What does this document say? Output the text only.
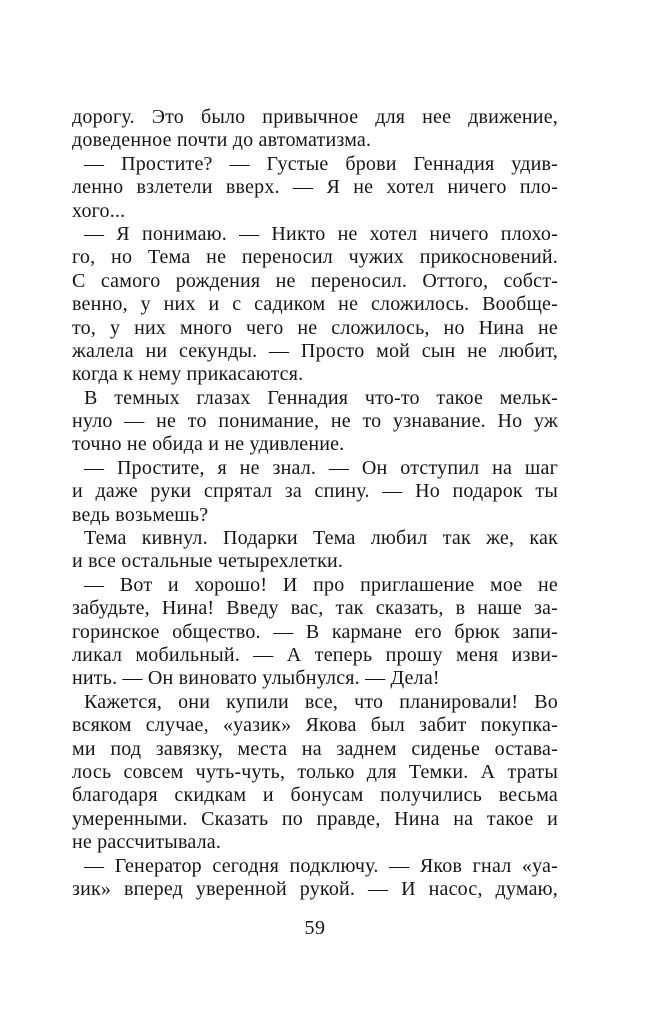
дорогу. Это было привычное для нее движение,
доведенное почти до автоматизма.
— Простите? — Густые брови Геннадия удив-
ленно взлетели вверх. — Я не хотел ничего пло-
хого...
— Я понимаю. — Никто не хотел ничего плохо-
го, но Тема не переносил чужих прикосновений.
С самого рождения не переносил. Оттого, собст-
венно, у них и с садиком не сложилось. Вообще-
то, у них много чего не сложилось, но Нина не
жалела ни секунды. — Просто мой сын не любит,
когда к нему прикасаются.
В темных глазах Геннадия что-то такое мельк-
нуло — не то понимание, не то узнавание. Но уж
точно не обида и не удивление.
— Простите, я не знал. — Он отступил на шаг
и даже руки спрятал за спину. — Но подарок ты
ведь возьмешь?
Тема кивнул. Подарки Тема любил так же, как
и все остальные четырехлетки.
— Вот и хорошо! И про приглашение мое не
забудьте, Нина! Введу вас, так сказать, в наше за-
горинское общество. — В кармане его брюк запи-
ликал мобильный. — А теперь прошу меня изви-
нить. — Он виновато улыбнулся. — Дела!
Кажется, они купили все, что планировали! Во
всяком случае, «уазик» Якова был забит покупка-
ми под завязку, места на заднем сиденье остава-
лось совсем чуть-чуть, только для Темки. А траты
благодаря скидкам и бонусам получились весьма
умеренными. Сказать по правде, Нина на такое и
не рассчитывала.
— Генератор сегодня подключу. — Яков гнал «уа-
зик» вперед уверенной рукой. — И насос, думаю,
59
